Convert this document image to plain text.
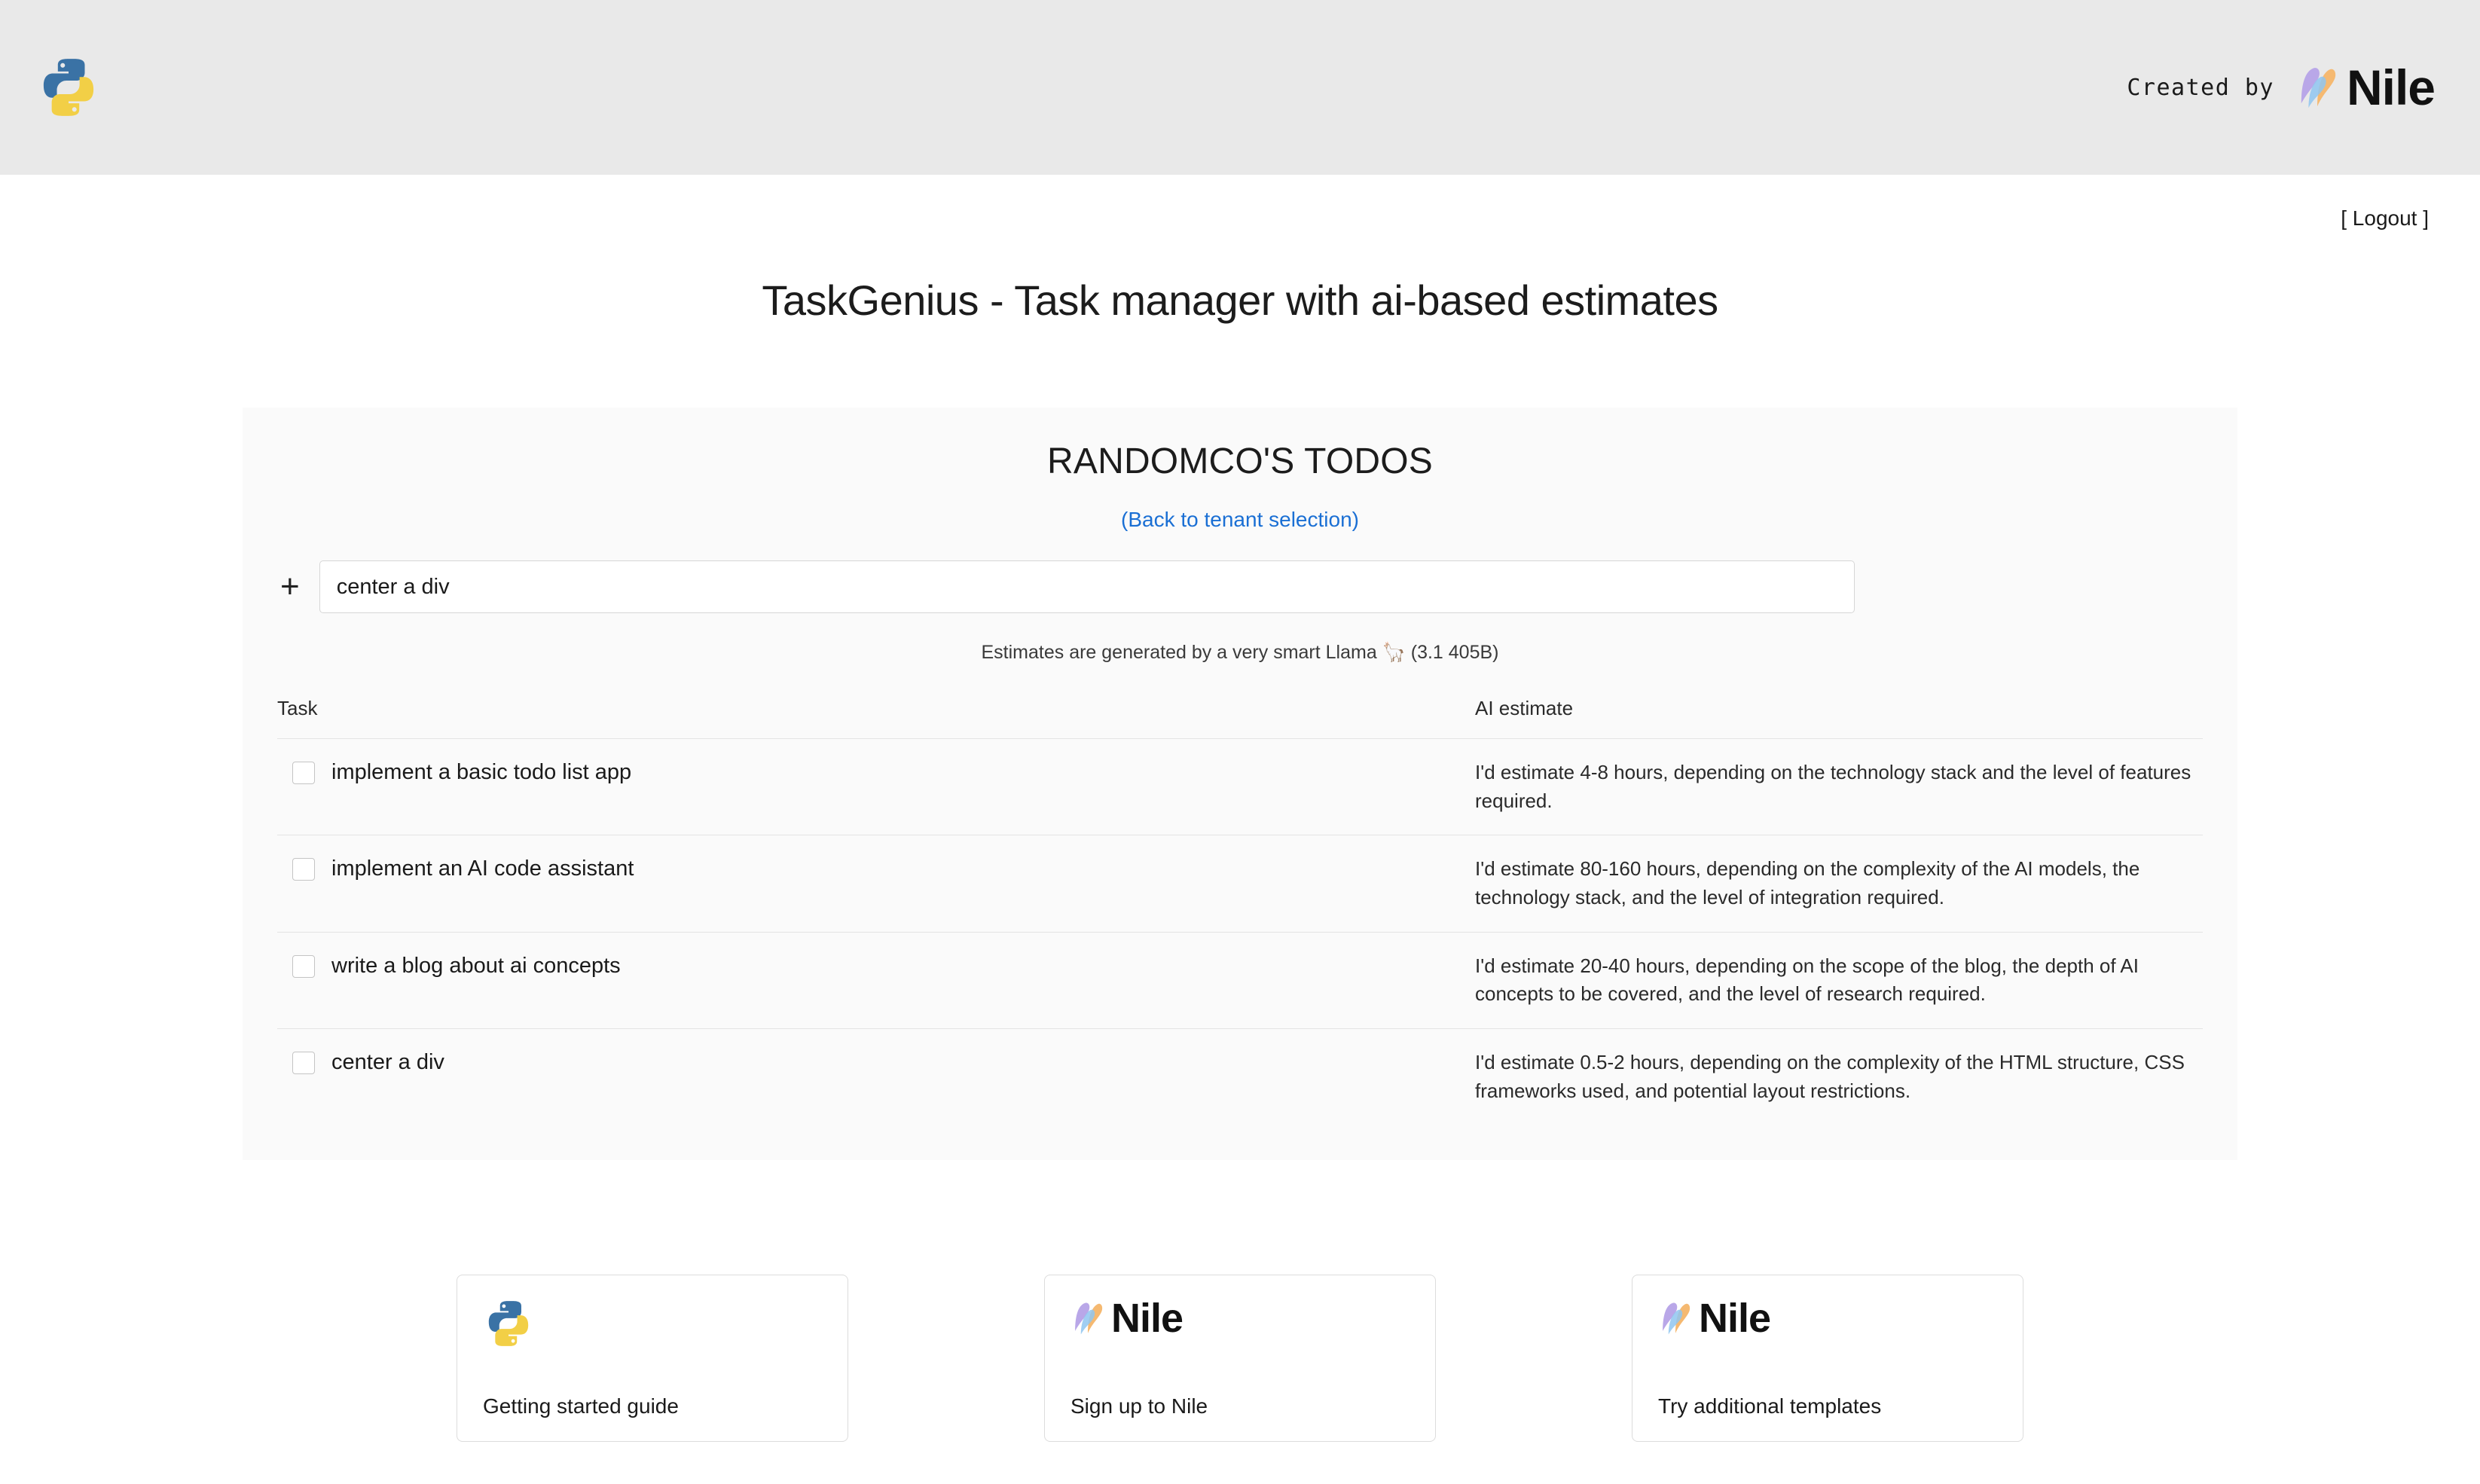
Created by Nile
[ Logout ]
TaskGenius - Task manager with ai-based estimates
RANDOMCO'S TODOS
(Back to tenant selection)
+
center a div
Estimates are generated by a very smart Llama 🦙 (3.1 405B)
Task	AI estimate

implement a basic todo list app	I'd estimate 4-8 hours, depending on the technology stack and the level of features required.

implement an AI code assistant	I'd estimate 80-160 hours, depending on the complexity of the AI models, the technology stack, and the level of integration required.

write a blog about ai concepts	I'd estimate 20-40 hours, depending on the scope of the blog, the depth of AI concepts to be covered, and the level of research required.

center a div	I'd estimate 0.5-2 hours, depending on the complexity of the HTML structure, CSS frameworks used, and potential layout restrictions.
Getting started guide
Nile
Sign up to Nile
Nile
Try additional templates
